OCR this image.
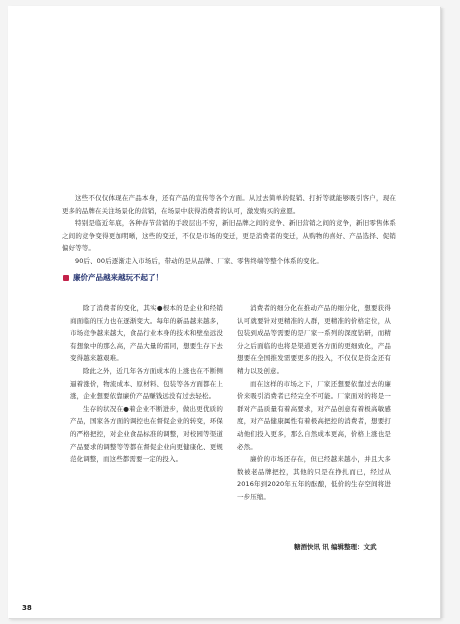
这些不仅仅体现在产品本身，还有产品的宣传等各个方面。从过去简单的促销、打折等就能够吸引客户，现在更多的品牌在关注场景化的营销，在场景中获得消费者的认可，激发购买的意愿。

特别是临近年底，各种春节营销的手段层出不穷，新旧品牌之间的竞争、新旧营销之间的竞争，新旧零售体系之间的竞争变得更加明晰，这些的变迁，不仅是市场的变迁，更是消费者的变迁，从购物的喜好、产品选择、促销偏好等等。

90后、00后逐渐走入市场后，带动的是从品牌、厂家、零售终端等整个体系的变化。

廉价产品越来越玩不起了！

除了消费者的变化，其实●根本的是企业和经销商面临的压力也在逐渐变大。每年的新品越来越多，市场竞争越来越大，食品行业本身的技术和壁垒远没有想象中的那么高，产品大量的雷同，想要生存下去变得越来越艰难。

除此之外，近几年各方面成本的上涨也在不断侧逼着涨价，物流成本、原材料、包装等各方面都在上涨，企业想要依靠廉价产品赚钱远没有过去轻松。

生存的状况在●着企业不断进步，做出更优质的产品，国家各方面的调控也在督促企业的转变，环保的严格把控，对企业食品标准的调整，对校园等渠道产品要求的调整等等都在督促企业向更健康化、更规范化调整，而这些都需要一定的投入。

消费者的细分化在推动产品的细分化，想要获得认可就要针对更精准的人群，更精准的价格定位，从包装到成品等需要的是厂家一系列的深度钻研，而精分之后面临的也将是渠道更各方面的更细致化，产品想要在全国推发需要更多的投入，不仅仅是资金还有精力以及创意。

而在这样的市场之下，厂家还想要依靠过去的廉价来吸引消费者已经完全不可能。厂家面对的将是一群对产品质量有着高要求，对产品创意有着极高敏感度，对产品健康属性有着极高把控的消费者，想要打动他们投入更多，那么自然成本更高，价格上涨也是必然。

廉价的市场还存在，但已经越来越小，并且大多数被老品牌把控，其他的只是在挣扎而已，经过从2016年到2020年五年的酝酿，低价的生存空间将进一步压缩。

糖酒快讯 讯 编辑整理：文武
38
